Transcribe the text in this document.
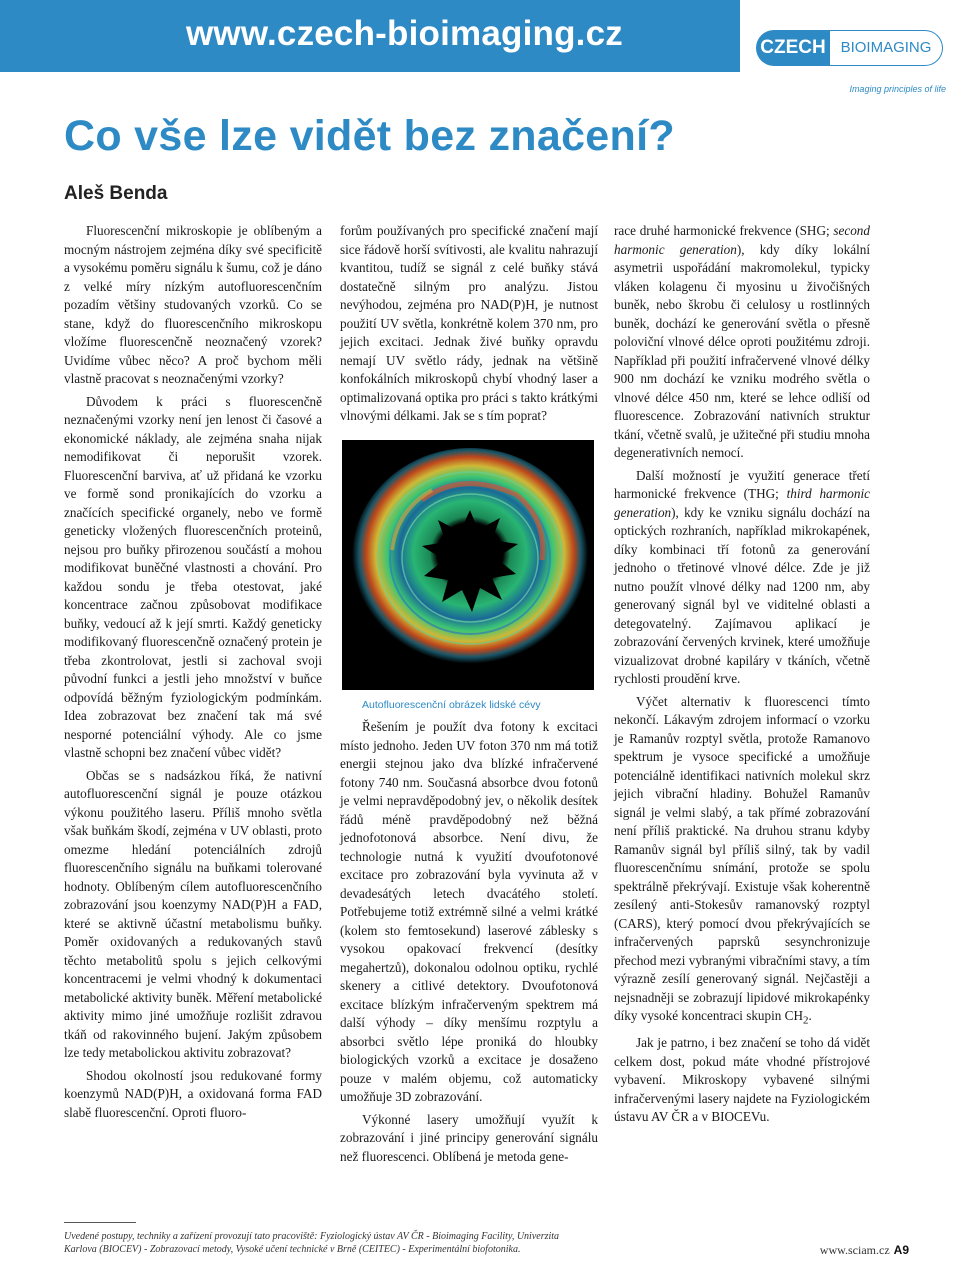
www.czech-bioimaging.cz	CZECH BIOIMAGING
Imaging principles of life
Co vše lze vidět bez značení?
Aleš Benda

Fluorescenční mikroskopie je oblíbeným a mocným nástrojem zejména díky své specificitě a vysokému poměru signálu k šumu, což je dáno z velké míry nízkým autofluorescenčním pozadím většiny studovaných vzorků. Co se stane, když do fluorescenčního mikroskopu vložíme fluorescenčně neoznačený vzorek? Uvidíme vůbec něco? A proč bychom měli vlastně pracovat s neoznačenými vzorky?

Důvodem k práci s fluorescenčně neznačenými vzorky není jen lenost či časové a ekonomické náklady, ale zejména snaha nijak nemodifikovat či neporušit vzorek. Fluorescenční barviva, ať už přidaná ke vzorku ve formě sond pronikajících do vzorku a značících specifické organely, nebo ve formě geneticky vložených fluorescenčních proteinů, nejsou pro buňky přirozenou součástí a mohou modifikovat buněčné vlastnosti a chování. Pro každou sondu je třeba otestovat, jaké koncentrace začnou způsobovat modifikace buňky, vedoucí až k její smrti. Každý geneticky modifikovaný fluorescenčně označený protein je třeba zkontrolovat, jestli si zachoval svoji původní funkci a jestli jeho množství v buňce odpovídá běžným fyziologickým podmínkám. Idea zobrazovat bez značení tak má své nesporné potenciální výhody. Ale co jsme vlastně schopni bez značení vůbec vidět?

Občas se s nadsázkou říká, že nativní autofluorescenční signál je pouze otázkou výkonu použitého laseru. Příliš mnoho světla však buňkám škodí, zejména v UV oblasti, proto omezme hledání potenciálních zdrojů fluorescenčního signálu na buňkami tolerované hodnoty. Oblíbeným cílem autofluorescenčního zobrazování jsou koenzymy NAD(P)H a FAD, které se aktivně účastní metabolismu buňky. Poměr oxidovaných a redukovaných stavů těchto metabolitů spolu s jejich celkovými koncentracemi je velmi vhodný k dokumentaci metabolické aktivity buněk. Měření metabolické aktivity mimo jiné umožňuje rozlišit zdravou tkáň od rakovinného bujení. Jakým způsobem lze tedy metabolickou aktivitu zobrazovat?

Shodou okolností jsou redukované formy koenzymů NAD(P)H, a oxidovaná forma FAD slabě fluorescenční. Oproti fluoro-

forům používaných pro specifické značení mají sice řádově horší svítivosti, ale kvalitu nahrazují kvantitou, tudíž se signál z celé buňky stává dostatečně silným pro analýzu. Jistou nevýhodou, zejména pro NAD(P)H, je nutnost použití UV světla, konkrétně kolem 370 nm, pro jejich excitaci. Jednak živé buňky opravdu nemají UV světlo rády, jednak na většině konfokálních mikroskopů chybí vhodný laser a optimalizovaná optika pro práci s takto krátkými vlnovými délkami. Jak se s tím poprat?

Autofluorescenční obrázek lidské cévy

Řešením je použít dva fotony k excitaci místo jednoho. Jeden UV foton 370 nm má totiž energii stejnou jako dva blízké infračervené fotony 740 nm. Současná absorbce dvou fotonů je velmi nepravděpodobný jev, o několik desítek řádů méně pravděpodobný než běžná jednofotonová absorbce. Není divu, že technologie nutná k využití dvoufotonové excitace pro zobrazování byla vyvinuta až v devadesátých letech dvacátého století. Potřebujeme totiž extrémně silné a velmi krátké (kolem sto femtosekund) laserové záblesky s vysokou opakovací frekvencí (desítky megahertzů), dokonalou odolnou optiku, rychlé skenery a citlivé detektory. Dvoufotonová excitace blízkým infračerveným spektrem má další výhody – díky menšímu rozptylu a absorbci světlo lépe proniká do hloubky biologických vzorků a excitace je dosaženo pouze v malém objemu, což automaticky umožňuje 3D zobrazování.

Výkonné lasery umožňují využít k zobrazování i jiné principy generování signálu než fluorescenci. Oblíbená je metoda gene-

race druhé harmonické frekvence (SHG; second harmonic generation), kdy díky lokální asymetrii uspořádání makromolekul, typicky vláken kolagenu či myosinu u živočišných buněk, nebo škrobu či celulosy u rostlinných buněk, dochází ke generování světla o přesně poloviční vlnové délce oproti použitému zdroji. Například při použití infračervené vlnové délky 900 nm dochází ke vzniku modrého světla o vlnové délce 450 nm, které se lehce odliší od fluorescence. Zobrazování nativních struktur tkání, včetně svalů, je užitečné při studiu mnoha degenerativních nemocí.

Další možností je využití generace třetí harmonické frekvence (THG; third harmonic generation), kdy ke vzniku signálu dochází na optických rozhraních, například mikrokapének, díky kombinaci tří fotonů za generování jednoho o třetinové vlnové délce. Zde je již nutno použít vlnové délky nad 1200 nm, aby generovaný signál byl ve viditelné oblasti a detegovatelný. Zajímavou aplikací je zobrazování červených krvinek, které umožňuje vizualizovat drobné kapiláry v tkáních, včetně rychlosti proudění krve.

Výčet alternativ k fluorescenci tímto nekončí. Lákavým zdrojem informací o vzorku je Ramanův rozptyl světla, protože Ramanovo spektrum je vysoce specifické a umožňuje potenciálně identifikaci nativních molekul skrz jejich vibrační hladiny. Bohužel Ramanův signál je velmi slabý, a tak přímé zobrazování není příliš praktické. Na druhou stranu kdyby Ramanův signál byl příliš silný, tak by vadil fluorescenčnímu snímání, protože se spolu spektrálně překrývají. Existuje však koherentně zesílený anti-Stokesův ramanovský rozptyl (CARS), který pomocí dvou překrývajících se infračervených paprsků sesynchronizuje přechod mezi vybranými vibračními stavy, a tím výrazně zesílí generovaný signál. Nejčastěji a nejsnadněji se zobrazují lipidové mikrokapénky díky vysoké koncentraci skupin $CH_2$.

Jak je patrno, i bez značení se toho dá vidět celkem dost, pokud máte vhodné přístrojové vybavení. Mikroskopy vybavené silnými infračervenými lasery najdete na Fyziologickém ústavu AV ČR a v BIOCEVu.

Uvedené postupy, techniky a zařízení provozují tato pracoviště: Fyziologický ústav AV ČR - Bioimaging Facility, Univerzita Karlova (BIOCEV) - Zobrazovací metody, Vysoké učení technické v Brně (CEITEC) - Experimentální biofotonika.	www.sciam.cz A9
